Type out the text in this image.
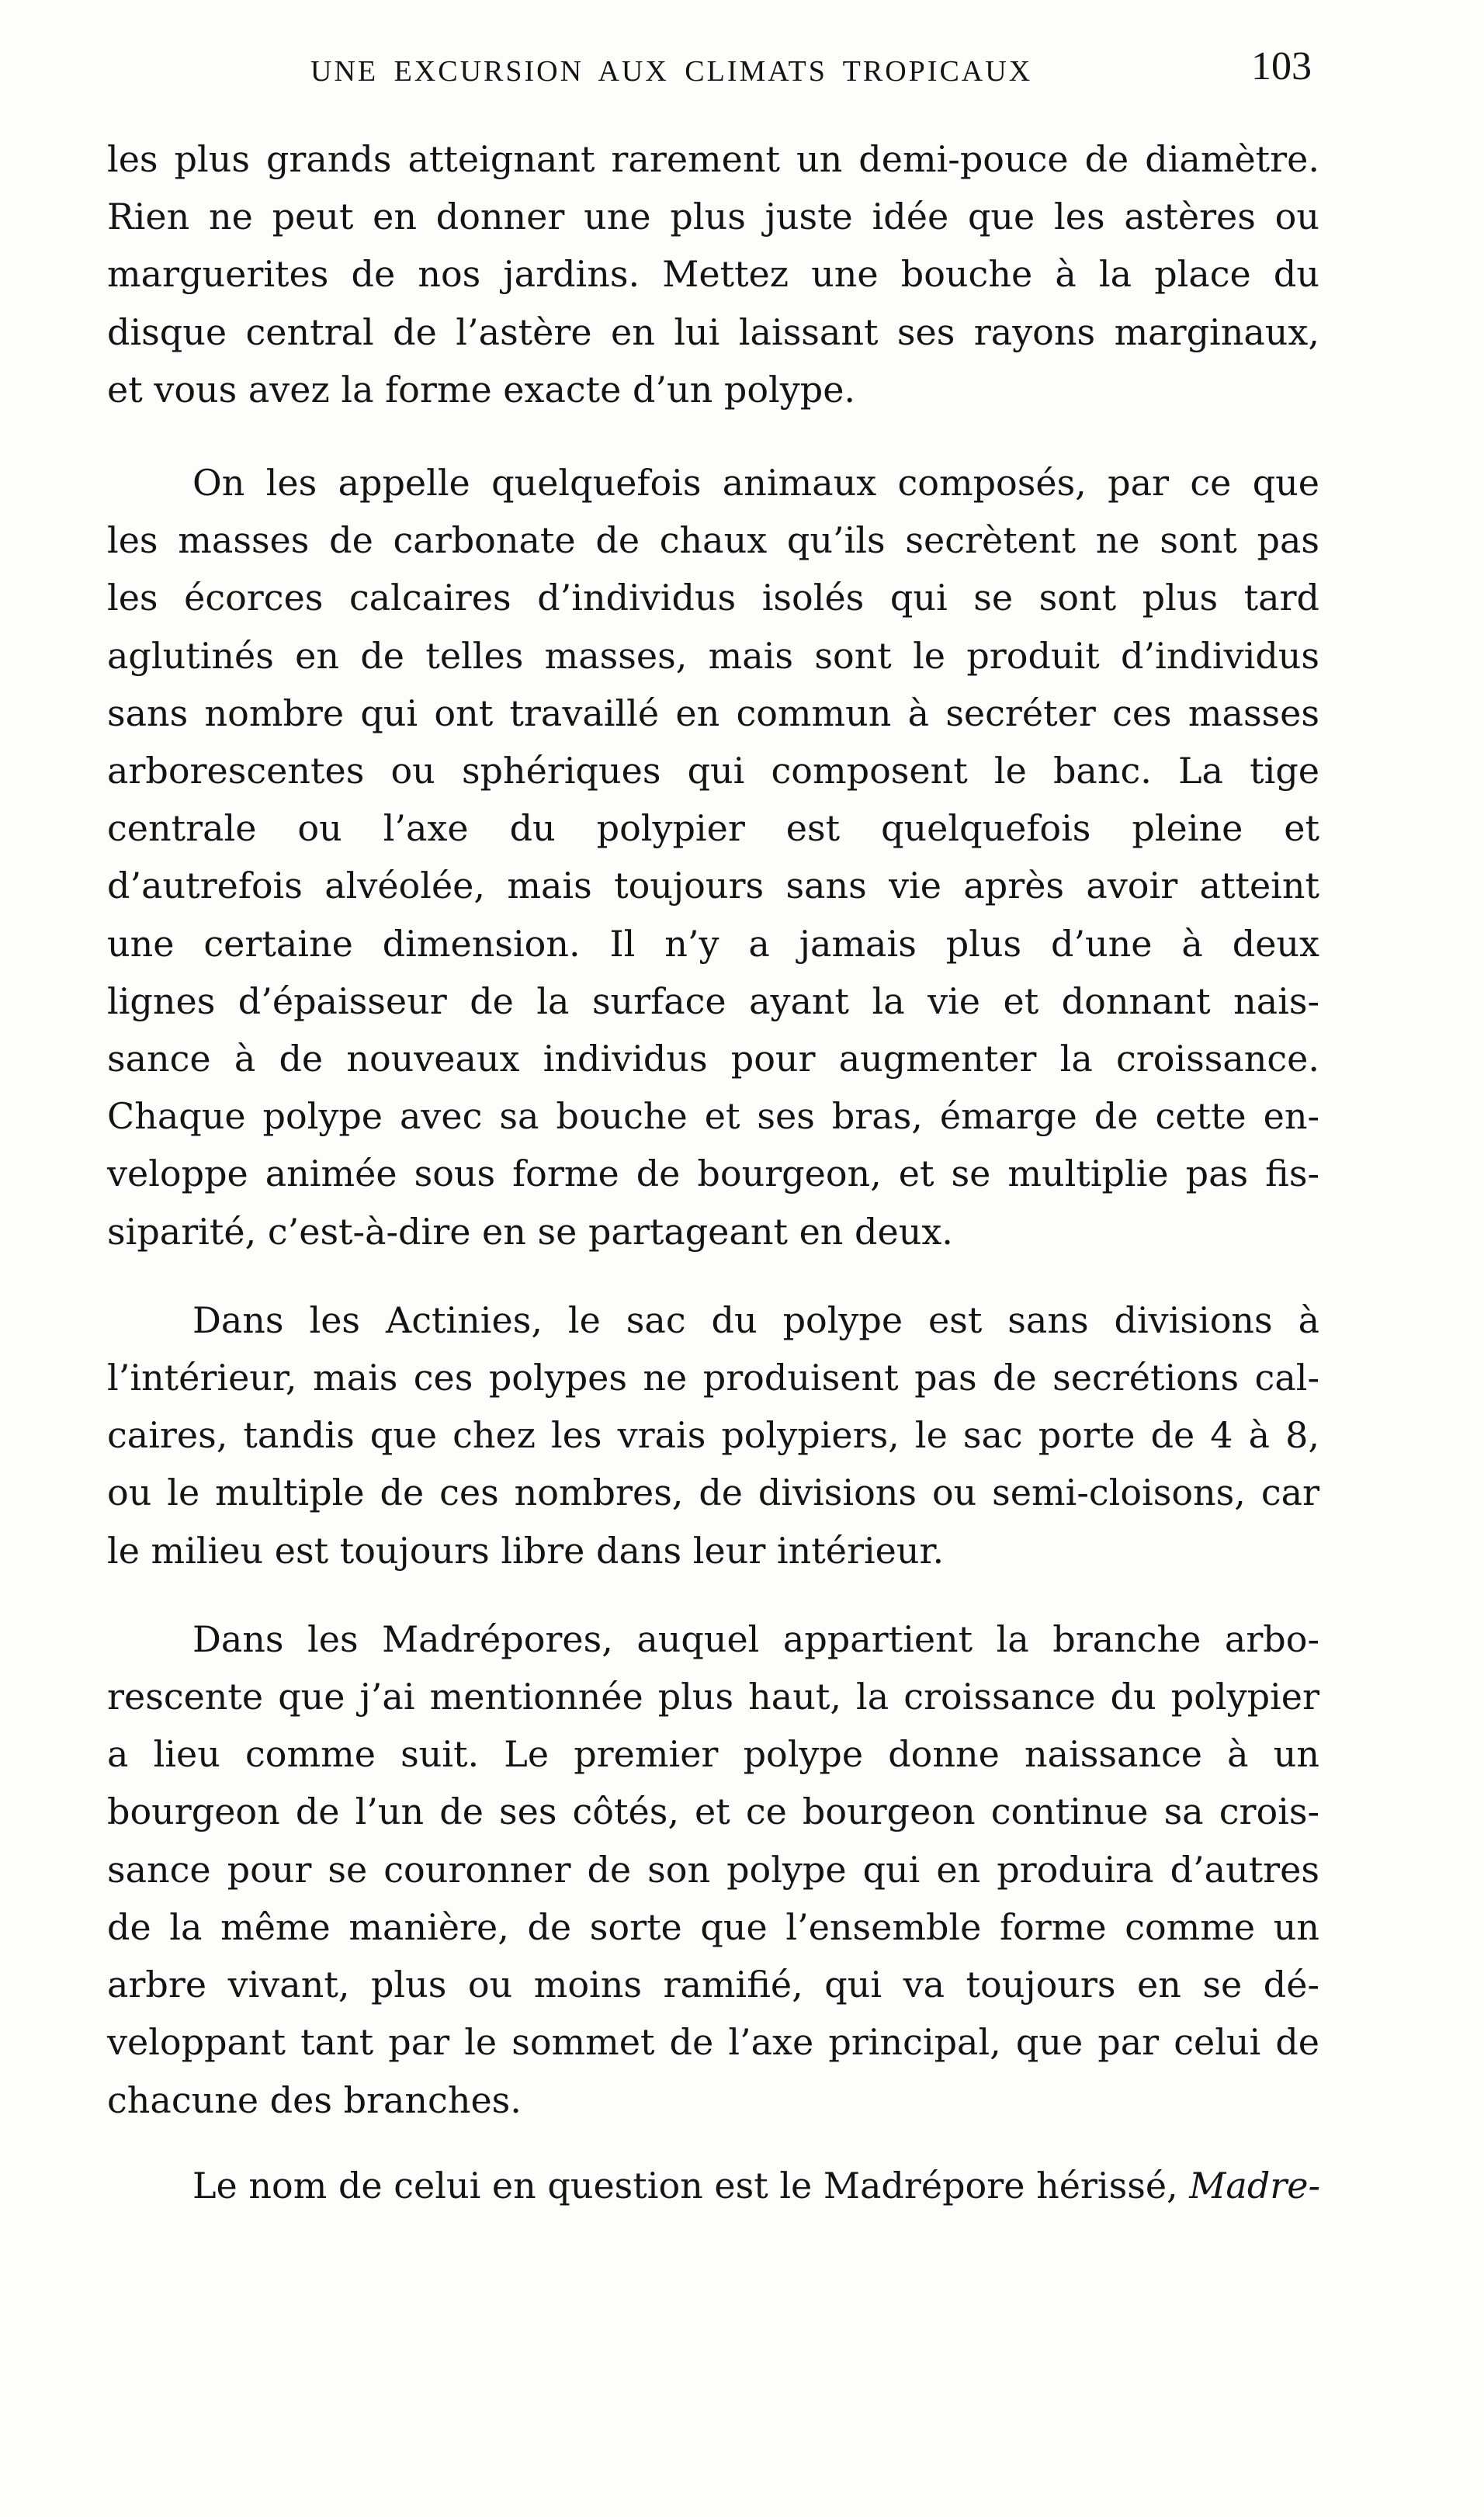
UNE EXCURSION AUX CLIMATS TROPICAUX	103

les plus grands atteignant rarement un demi-pouce de diamètre.
Rien ne peut en donner une plus juste idée que les astères ou
marguerites de nos jardins. Mettez une bouche à la place du
disque central de l’astère en lui laissant ses rayons marginaux,
et vous avez la forme exacte d’un polype.

On les appelle quelquefois animaux composés, par ce que
les masses de carbonate de chaux qu’ils secrètent ne sont pas
les écorces calcaires d’individus isolés qui se sont plus tard
aglutinés en de telles masses, mais sont le produit d’individus
sans nombre qui ont travaillé en commun à secréter ces masses
arborescentes ou sphériques qui composent le banc. La tige
centrale ou l’axe du polypier est quelquefois pleine et
d’autrefois alvéolée, mais toujours sans vie après avoir atteint
une certaine dimension. Il n’y a jamais plus d’une à deux
lignes d’épaisseur de la surface ayant la vie et donnant nais-
sance à de nouveaux individus pour augmenter la croissance.
Chaque polype avec sa bouche et ses bras, émarge de cette en-
veloppe animée sous forme de bourgeon, et se multiplie pas fis-
siparité, c’est-à-dire en se partageant en deux.

Dans les Actinies, le sac du polype est sans divisions à
l’intérieur, mais ces polypes ne produisent pas de secrétions cal-
caires, tandis que chez les vrais polypiers, le sac porte de 4 à 8,
ou le multiple de ces nombres, de divisions ou semi-cloisons, car
le milieu est toujours libre dans leur intérieur.

Dans les Madrépores, auquel appartient la branche arbo-
rescente que j’ai mentionnée plus haut, la croissance du polypier
a lieu comme suit. Le premier polype donne naissance à un
bourgeon de l’un de ses côtés, et ce bourgeon continue sa crois-
sance pour se couronner de son polype qui en produira d’autres
de la même manière, de sorte que l’ensemble forme comme un
arbre vivant, plus ou moins ramifié, qui va toujours en se dé-
veloppant tant par le sommet de l’axe principal, que par celui de
chacune des branches.

Le nom de celui en question est le Madrépore hérissé, Madre-
